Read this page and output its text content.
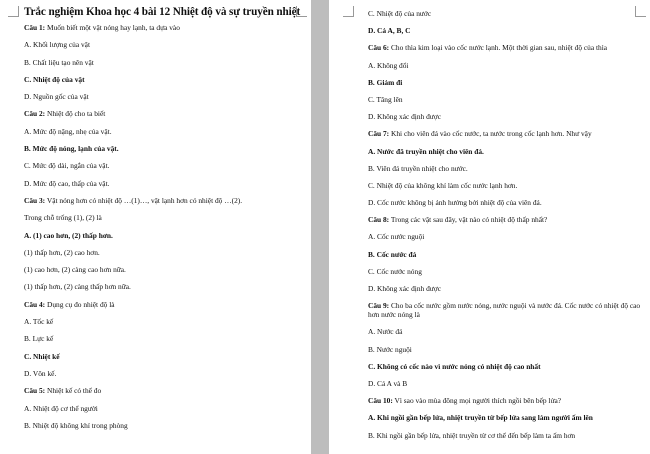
Trắc nghiệm Khoa học 4 bài 12 Nhiệt độ và sự truyền nhiệt
Câu 1: Muốn biết một vật nóng hay lạnh, ta dựa vào
A. Khối lượng của vật
B. Chất liệu tạo nên vật
C. Nhiệt độ của vật
D. Nguồn gốc của vật
Câu 2: Nhiệt độ cho ta biết
A. Mức độ nặng, nhẹ của vật.
B. Mức độ nóng, lạnh của vật.
C. Mức độ dài, ngắn của vật.
D. Mức độ cao, thấp của vật.
Câu 3: Vật nóng hơn có nhiệt độ …(1)…, vật lạnh hơn có nhiệt độ …(2).
Trong chỗ trống (1), (2) là
A. (1) cao hơn, (2) thấp hơn.
(1) thấp hơn, (2) cao hơn.
(1) cao hơn, (2) càng cao hơn nữa.
(1) thấp hơn, (2) càng thấp hơn nữa.
Câu 4: Dụng cụ đo nhiệt độ là
A. Tốc kế
B. Lực kế
C. Nhiệt kế
D. Vôn kế.
Câu 5: Nhiệt kế có thể đo
A. Nhiệt độ cơ thể người
B. Nhiệt độ không khí trong phòng
C. Nhiệt độ của nước
D. Cả A, B, C
Câu 6: Cho thìa kim loại vào cốc nước lạnh. Một thời gian sau, nhiệt độ của thìa
A. Không đổi
B. Giảm đi
C. Tăng lên
D. Không xác định được
Câu 7: Khi cho viên đá vào cốc nước, ta nước trong cốc lạnh hơn. Như vậy
A. Nước đã truyền nhiệt cho viên đá.
B. Viên đá truyền nhiệt cho nước.
C. Nhiệt độ của không khí làm cốc nước lạnh hơn.
D. Cốc nước không bị ảnh hưởng bởi nhiệt độ của viên đá.
Câu 8: Trong các vật sau đây, vật nào có nhiệt độ thấp nhất?
A. Cốc nước nguội
B. Cốc nước đá
C. Cốc nước nóng
D. Không xác định được
Câu 9: Cho ba cốc nước gồm nước nóng, nước nguội và nước đá. Cốc nước có nhiệt độ cao hơn nước nóng là
A. Nước đá
B. Nước nguội
C. Không có cốc nào vì nước nóng có nhiệt độ cao nhất
D. Cả A và B
Câu 10: Vì sao vào mùa đông mọi người thích ngồi bên bếp lửa?
A. Khi ngồi gần bếp lửa, nhiệt truyền từ bếp lửa sang làm người ấm lên
B. Khi ngồi gần bếp lửa, nhiệt truyền từ cơ thể đến bếp làm ta ấm hơn
